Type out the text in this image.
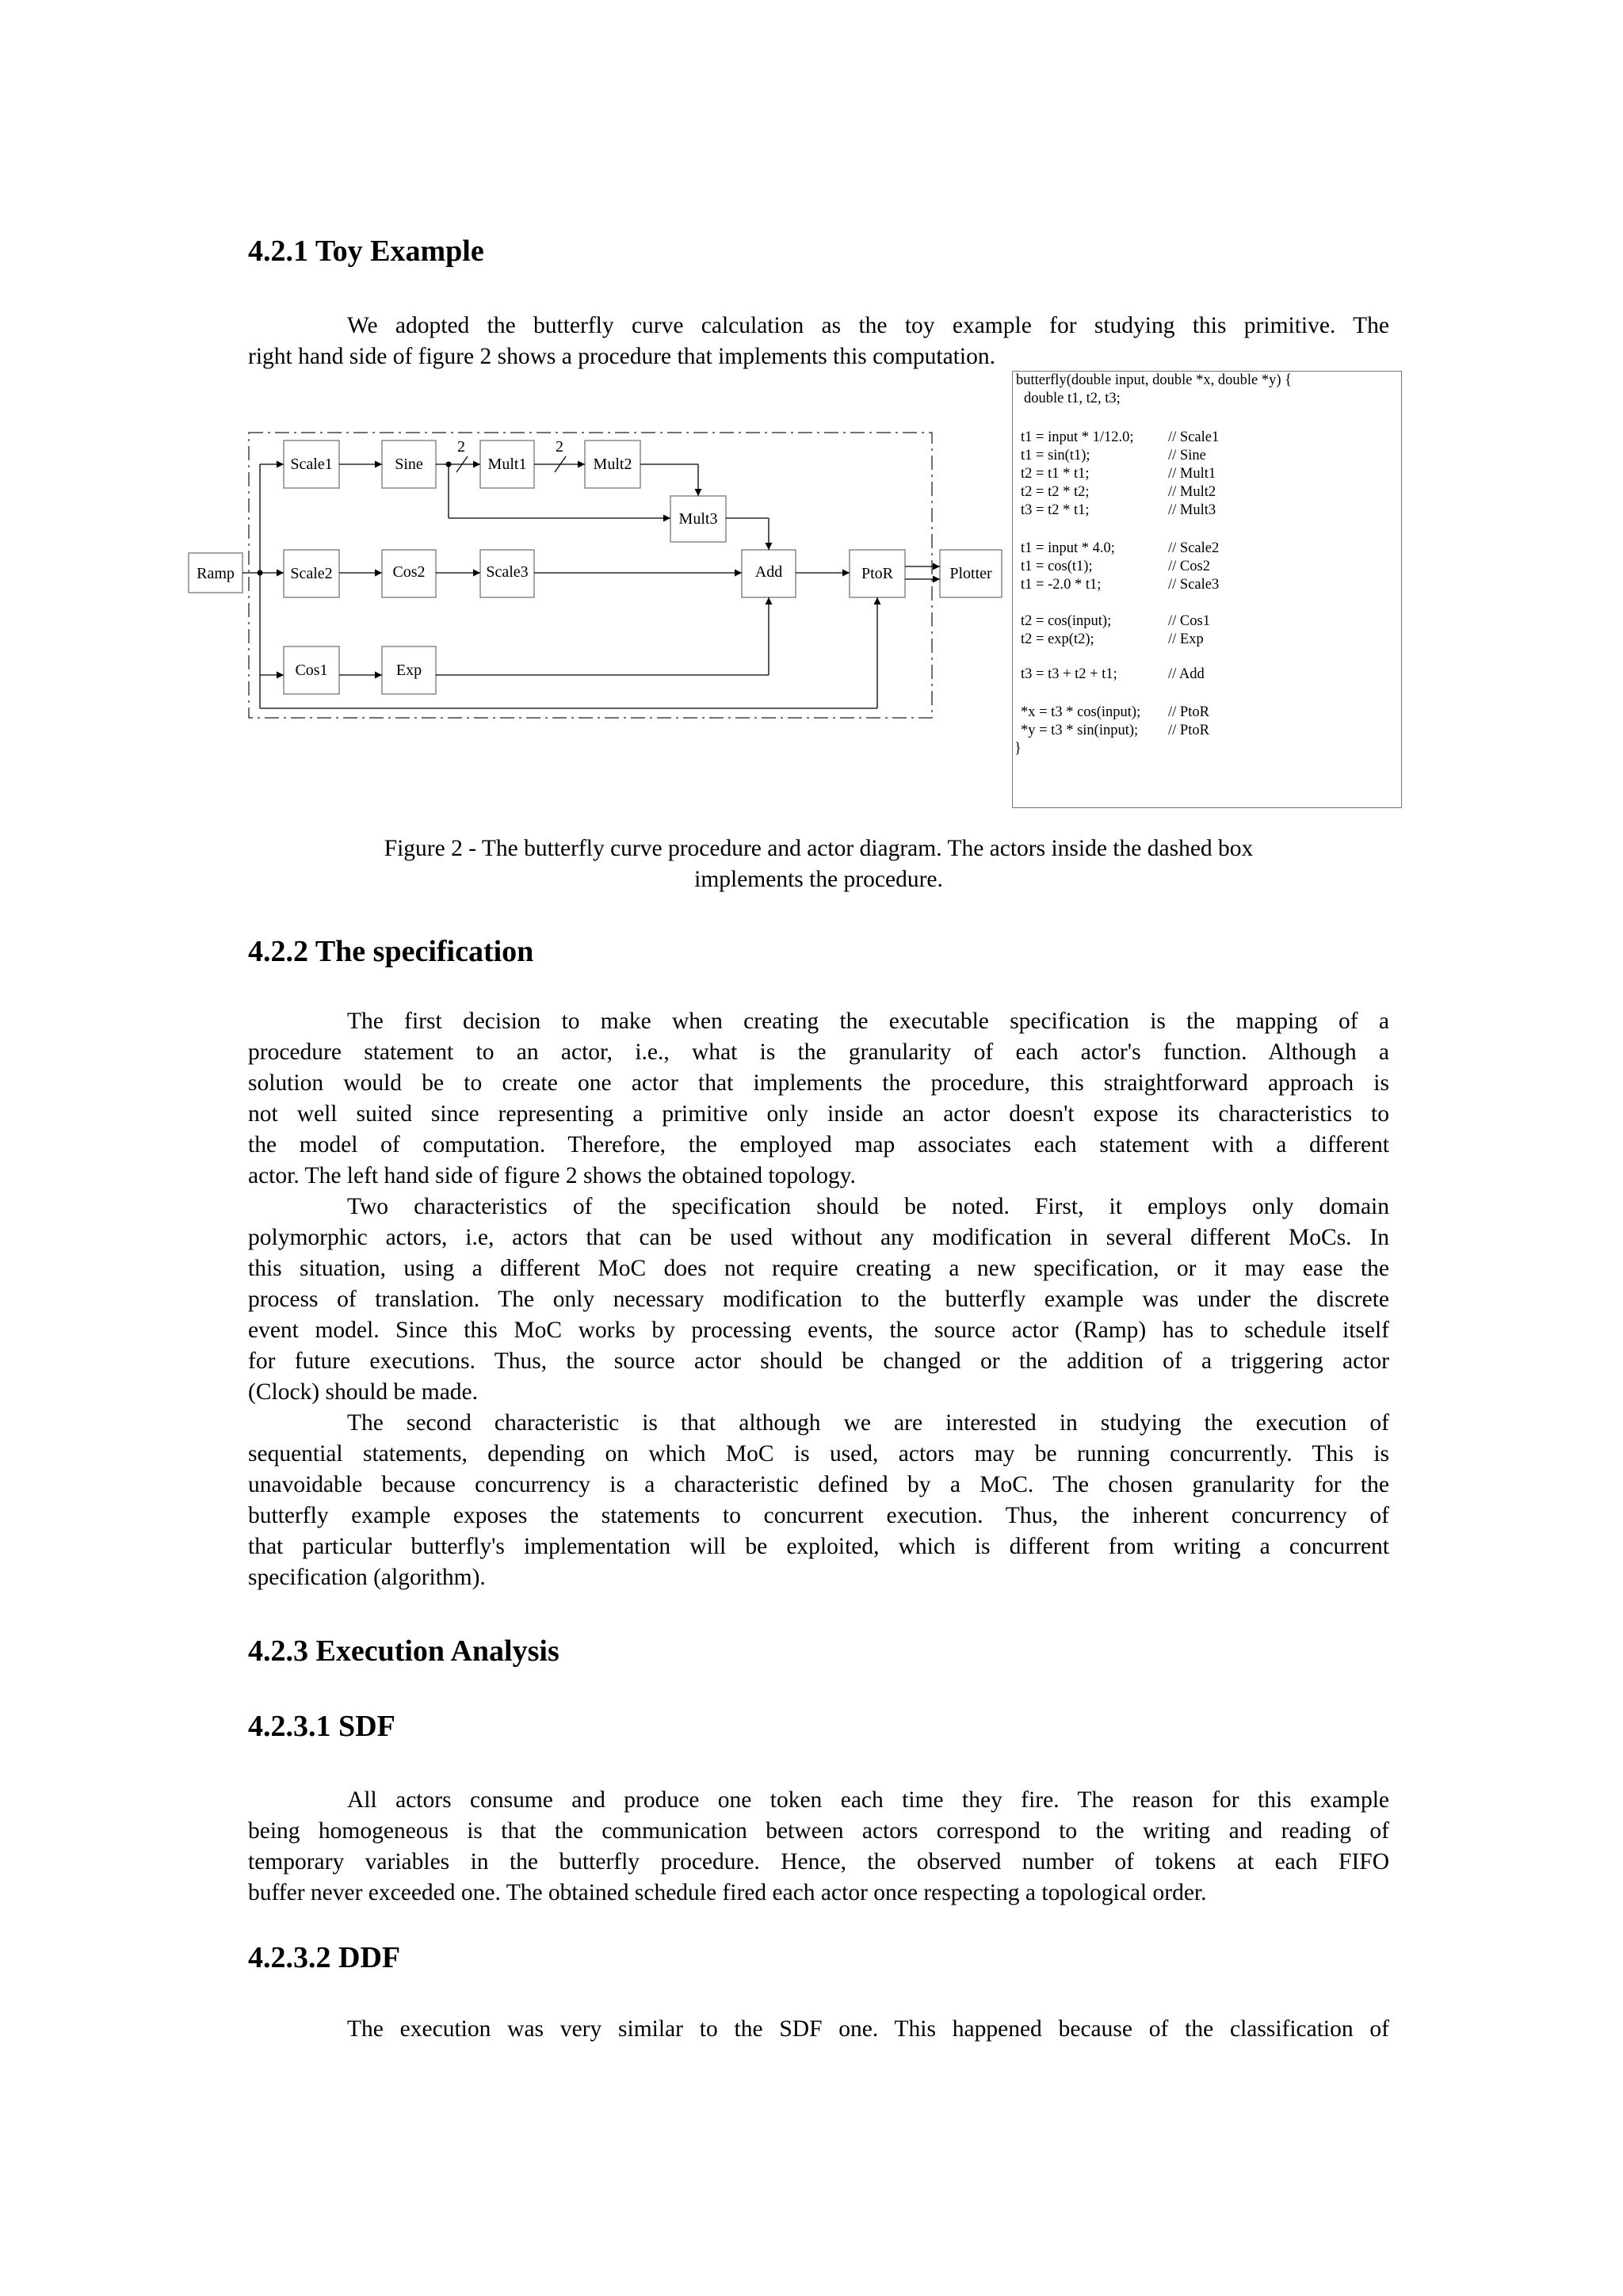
4.2.1 Toy Example
We adopted the butterfly curve calculation as the toy example for studying this primitive. The
right hand side of figure 2 shows a procedure that implements this computation.
Ramp
Scale1	Sine	Mult1	Mult2
Mult3
Scale2	Cos2	Scale3	Add	PtoR	Plotter
Cos1	Exp
2	2
butterfly(double input, double *x, double *y) {
double t1, t2, t3;
t1 = input * 1/12.0; // Scale1
t1 = sin(t1);	// Sine
t2 = t1 * t1;	// Mult1
t2 = t2 * t2;	// Mult2
t3 = t2 * t1;	// Mult3
t1 = input * 4.0;	// Scale2
t1 = cos(t1);	// Cos2
t1 = -2.0 * t1;	// Scale3
t2 = cos(input);	// Cos1
t2 = exp(t2);	// Exp
t3 = t3 + t2 + t1;	// Add
*x = t3 * cos(input); // PtoR
*y = t3 * sin(input); // PtoR
}
Figure 2 - The butterfly curve procedure and actor diagram. The actors inside the dashed box
implements the procedure.
4.2.2 The specification
The first decision to make when creating the executable specification is the mapping of a
procedure statement to an actor, i.e., what is the granularity of each actor's function. Although a
solution would be to create one actor that implements the procedure, this straightforward approach is
not well suited since representing a primitive only inside an actor doesn't expose its characteristics to
the model of computation. Therefore, the employed map associates each statement with a different
actor. The left hand side of figure 2 shows the obtained topology.
Two characteristics of the specification should be noted. First, it employs only domain
polymorphic actors, i.e, actors that can be used without any modification in several different MoCs. In
this situation, using a different MoC does not require creating a new specification, or it may ease the
process of translation. The only necessary modification to the butterfly example was under the discrete
event model. Since this MoC works by processing events, the source actor (Ramp) has to schedule itself
for future executions. Thus, the source actor should be changed or the addition of a triggering actor
(Clock) should be made.
The second characteristic is that although we are interested in studying the execution of
sequential statements, depending on which MoC is used, actors may be running concurrently. This is
unavoidable because concurrency is a characteristic defined by a MoC. The chosen granularity for the
butterfly example exposes the statements to concurrent execution. Thus, the inherent concurrency of
that particular butterfly's implementation will be exploited, which is different from writing a concurrent
specification (algorithm).
4.2.3 Execution Analysis
4.2.3.1 SDF
All actors consume and produce one token each time they fire. The reason for this example
being homogeneous is that the communication between actors correspond to the writing and reading of
temporary variables in the butterfly procedure. Hence, the observed number of tokens at each FIFO
buffer never exceeded one. The obtained schedule fired each actor once respecting a topological order.
4.2.3.2 DDF
The execution was very similar to the SDF one. This happened because of the classification of
